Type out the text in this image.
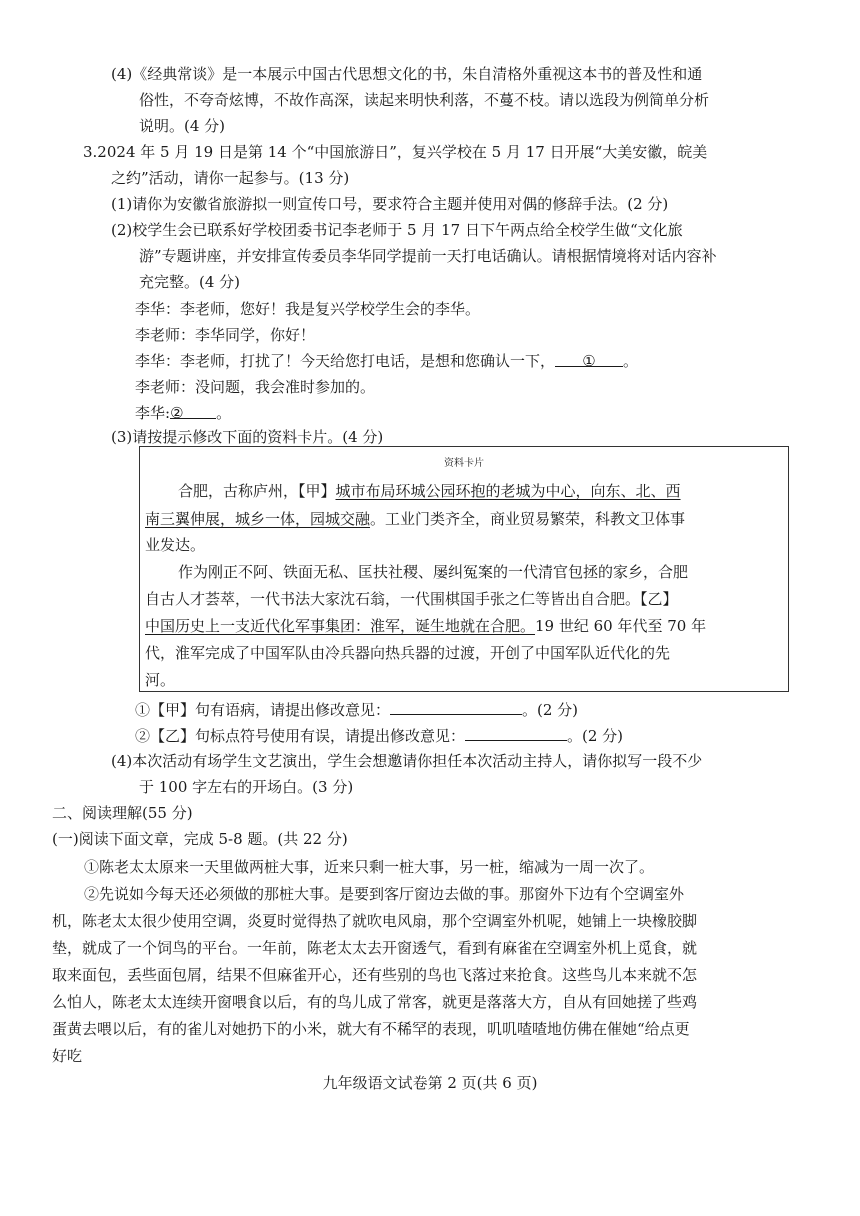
(4)《经典常谈》是一本展示中国古代思想文化的书，朱自清格外重视这本书的普及性和通
俗性，不夸奇炫博，不故作高深，读起来明快利落，不蔓不枝。请以选段为例简单分析
说明。(4 分)
3.2024 年 5 月 19 日是第 14 个“中国旅游日”，复兴学校在 5 月 17 日开展“大美安徽，皖美
之约”活动，请你一起参与。(13 分)
(1)请你为安徽省旅游拟一则宣传口号，要求符合主题并使用对偶的修辞手法。(2 分)
(2)校学生会已联系好学校团委书记李老师于 5 月 17 日下午两点给全校学生做“文化旅
游”专题讲座，并安排宣传委员李华同学提前一天打电话确认。请根据情境将对话内容补
充完整。(4 分)
李华：李老师，您好！我是复兴学校学生会的李华。
李老师：李华同学，你好！
李华：李老师，打扰了！今天给您打电话，是想和您确认一下， ① 。
李老师：没问题，我会准时参加的。
李华:② 。
(3)请按提示修改下面的资料卡片。(4 分)
资料卡片
合肥，古称庐州，【甲】城市布局环城公园环抱的老城为中心，向东、北、西
南三翼伸展，城乡一体，园城交融。工业门类齐全，商业贸易繁荣，科教文卫体事
业发达。
作为刚正不阿、铁面无私、匡扶社稷、屡纠冤案的一代清官包拯的家乡，合肥
自古人才荟萃，一代书法大家沈石翁，一代围棋国手张之仁等皆出自合肥。【乙】
中国历史上一支近代化军事集团：淮军，诞生地就在合肥。19 世纪 60 年代至 70 年
代，淮军完成了中国军队由冷兵器向热兵器的过渡，开创了中国军队近代化的先
河。
①【甲】句有语病，请提出修改意见：	。(2 分)
②【乙】句标点符号使用有误，请提出修改意见：	。(2 分)
(4)本次活动有场学生文艺演出，学生会想邀请你担任本次活动主持人，请你拟写一段不少
于 100 字左右的开场白。(3 分)
二、阅读理解(55 分)
(一)阅读下面文章，完成 5-8 题。(共 22 分)
①陈老太太原来一天里做两桩大事，近来只剩一桩大事，另一桩，缩减为一周一次了。
②先说如今每天还必须做的那桩大事。是要到客厅窗边去做的事。那窗外下边有个空调室外
机，陈老太太很少使用空调，炎夏时觉得热了就吹电风扇，那个空调室外机呢，她铺上一块橡胶脚
垫，就成了一个饲鸟的平台。一年前，陈老太太去开窗透气，看到有麻雀在空调室外机上觅食，就
取来面包，丢些面包屑，结果不但麻雀开心，还有些别的鸟也飞落过来抢食。这些鸟儿本来就不怎
么怕人，陈老太太连续开窗喂食以后，有的鸟儿成了常客，就更是落落大方，自从有回她搓了些鸡
蛋黄去喂以后，有的雀儿对她扔下的小米，就大有不稀罕的表现，叽叽喳喳地仿佛在催她“给点更
好吃
九年级语文试卷第 2 页(共 6 页)
